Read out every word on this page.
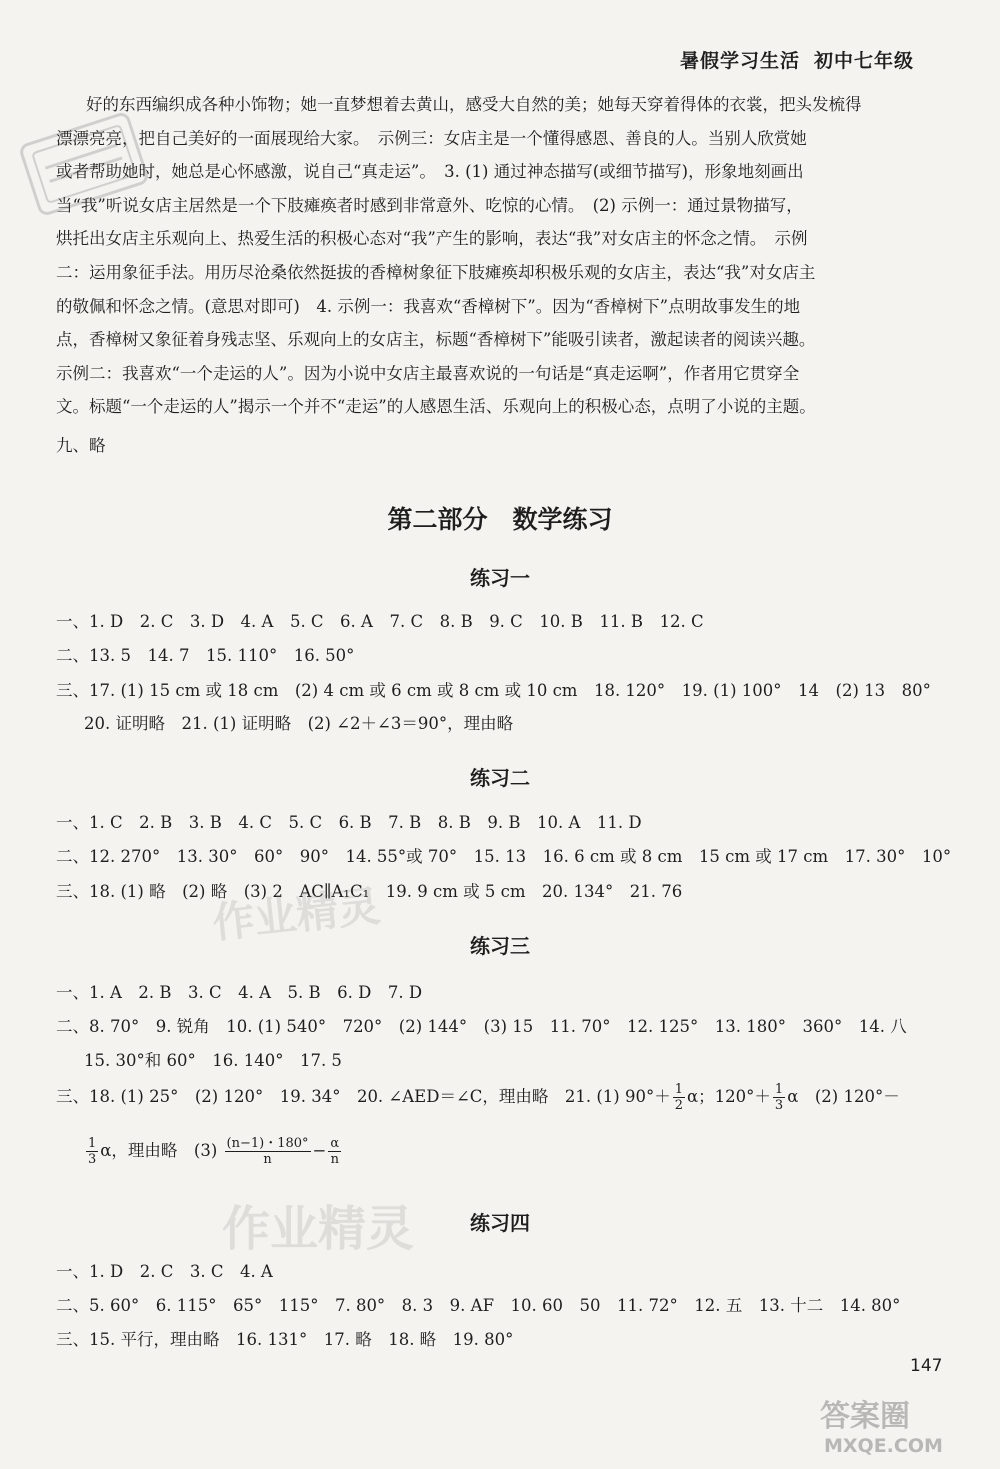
暑假学习生活 初中七年级
好的东西编织成各种小饰物；她一直梦想着去黄山，感受大自然的美；她每天穿着得体的衣裳，把头发梳得
漂漂亮亮，把自己美好的一面展现给大家。　示例三：女店主是一个懂得感恩、善良的人。当别人欣赏她
或者帮助她时，她总是心怀感激，说自己“真走运”。　3. (1) 通过神态描写(或细节描写)，形象地刻画出
当“我”听说女店主居然是一个下肢瘫痪者时感到非常意外、吃惊的心情。　(2) 示例一：通过景物描写，
烘托出女店主乐观向上、热爱生活的积极心态对“我”产生的影响，表达“我”对女店主的怀念之情。　示例
二：运用象征手法。用历尽沧桑依然挺拔的香樟树象征下肢瘫痪却积极乐观的女店主，表达“我”对女店主
的敬佩和怀念之情。(意思对即可)　4. 示例一：我喜欢“香樟树下”。因为“香樟树下”点明故事发生的地
点，香樟树又象征着身残志坚、乐观向上的女店主，标题“香樟树下”能吸引读者，激起读者的阅读兴趣。
示例二：我喜欢“一个走运的人”。因为小说中女店主最喜欢说的一句话是“真走运啊”，作者用它贯穿全
文。标题“一个走运的人”揭示一个并不“走运”的人感恩生活、乐观向上的积极心态，点明了小说的主题。
九、略
第二部分　数学练习
练习一
一、1. D　2. C　3. D　4. A　5. C　6. A　7. C　8. B　9. C　10. B　11. B　12. C
二、13. 5　14. 7　15. 110°　16. 50°
三、17. (1) 15 cm 或 18 cm　(2) 4 cm 或 6 cm 或 8 cm 或 10 cm　18. 120°　19. (1) 100°　14　(2) 13　80°
20. 证明略　21. (1) 证明略　(2) ∠2＋∠3＝90°，理由略
练习二
一、1. C　2. B　3. B　4. C　5. C　6. B　7. B　8. B　9. B　10. A　11. D
二、12. 270°　13. 30°　60°　90°　14. 55°或 70°　15. 13　16. 6 cm 或 8 cm　15 cm 或 17 cm　17. 30°　10°
三、18. (1) 略　(2) 略　(3) 2　AC∥A₁C₁　19. 9 cm 或 5 cm　20. 134°　21. 76
练习三
一、1. A　2. B　3. C　4. A　5. B　6. D　7. D
二、8. 70°　9. 锐角　10. (1) 540°　720°　(2) 144°　(3) 15　11. 70°　12. 125°　13. 180°　360°　14. 八
15. 30°和 60°　16. 140°　17. 5
三、18. (1) 25°　(2) 120°　19. 34°　20. ∠AED＝∠C，理由略　21. (1) $90^\circ+ \frac{1}{2}$ α；$120^\circ+ \frac{1}{3}$ α　(2) 120°－
$\frac{1}{3}$ α，理由略　$(3) \frac{(n-1)・180^\circ}{n} - \frac{\alpha}{n}$
练习四
一、1. D　2. C　3. C　4. A
二、5. 60°　6. 115°　65°　115°　7. 80°　8. 3　9. AF　10. 60　50　11. 72°　12. 五　13. 十二　14. 80°
三、15. 平行，理由略　16. 131°　17. 略　18. 略　19. 80°
作业精灵
作业精灵
147
答案圈
MXQE.COM
